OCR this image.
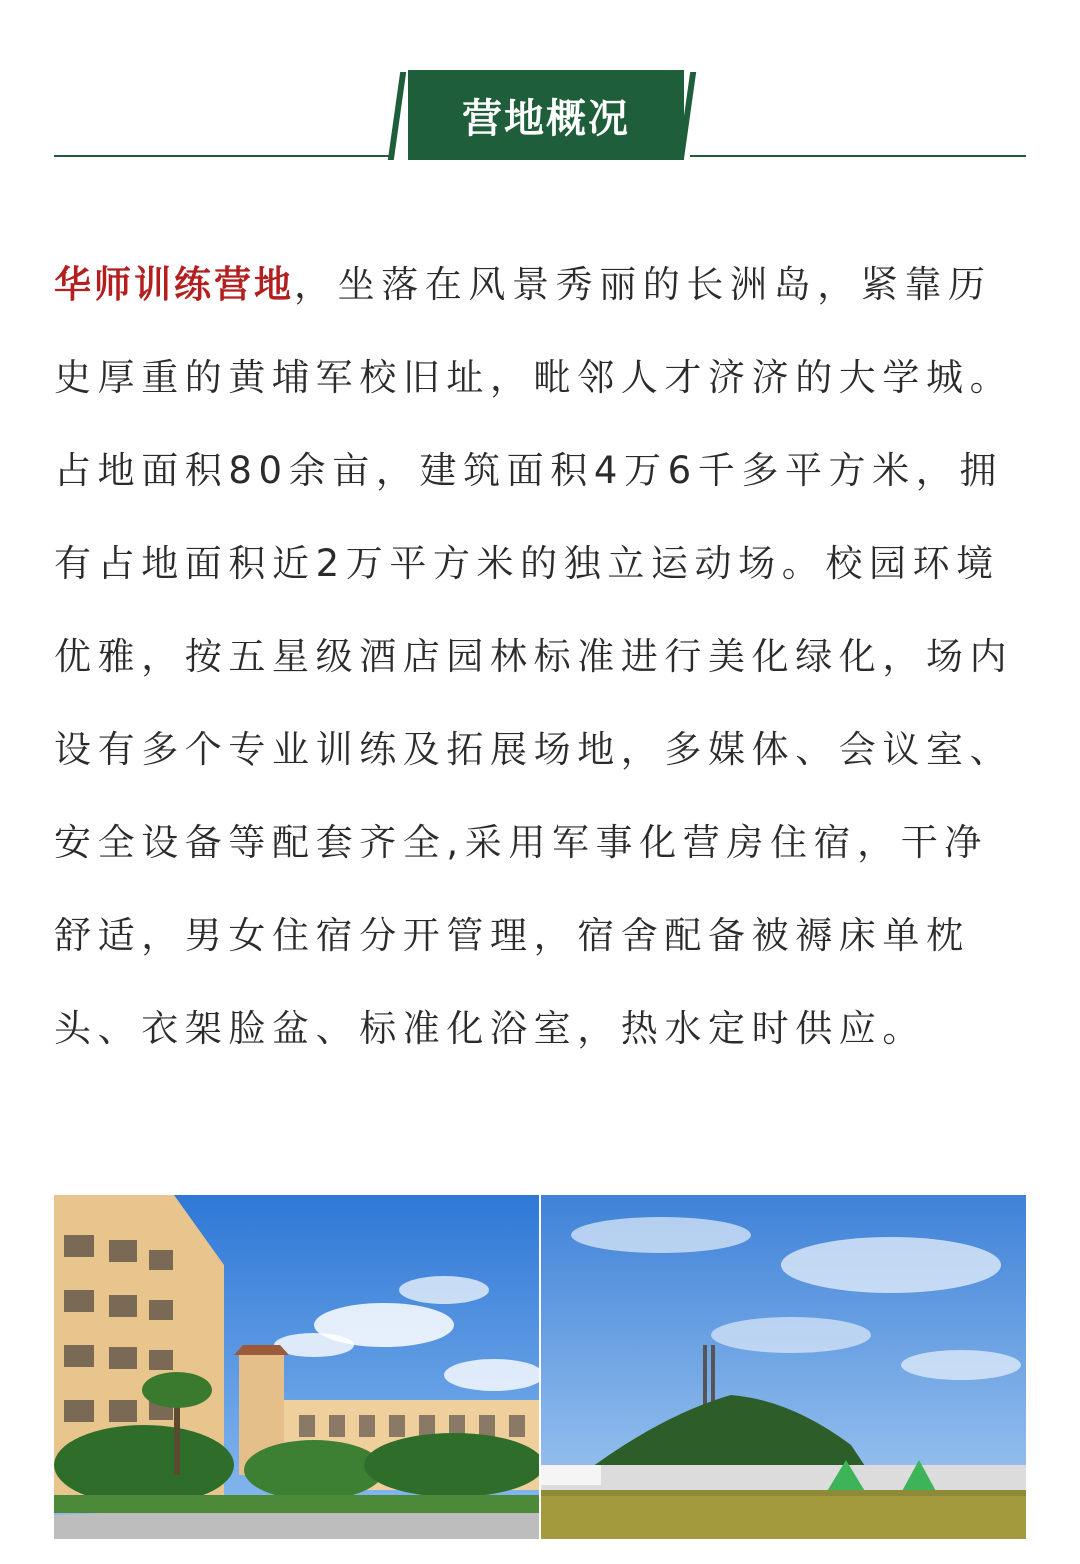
营地概况

华师训练营地，坐落在风景秀丽的长洲岛，紧靠历史厚重的黄埔军校旧址，毗邻人才济济的大学城。占地面积80余亩，建筑面积4万6千多平方米，拥有占地面积近2万平方米的独立运动场。校园环境优雅，按五星级酒店园林标准进行美化绿化，场内设有多个专业训练及拓展场地，多媒体、会议室、安全设备等配套齐全,采用军事化营房住宿，干净舒适，男女住宿分开管理，宿舍配备被褥床单枕头、衣架脸盆、标准化浴室，热水定时供应。
